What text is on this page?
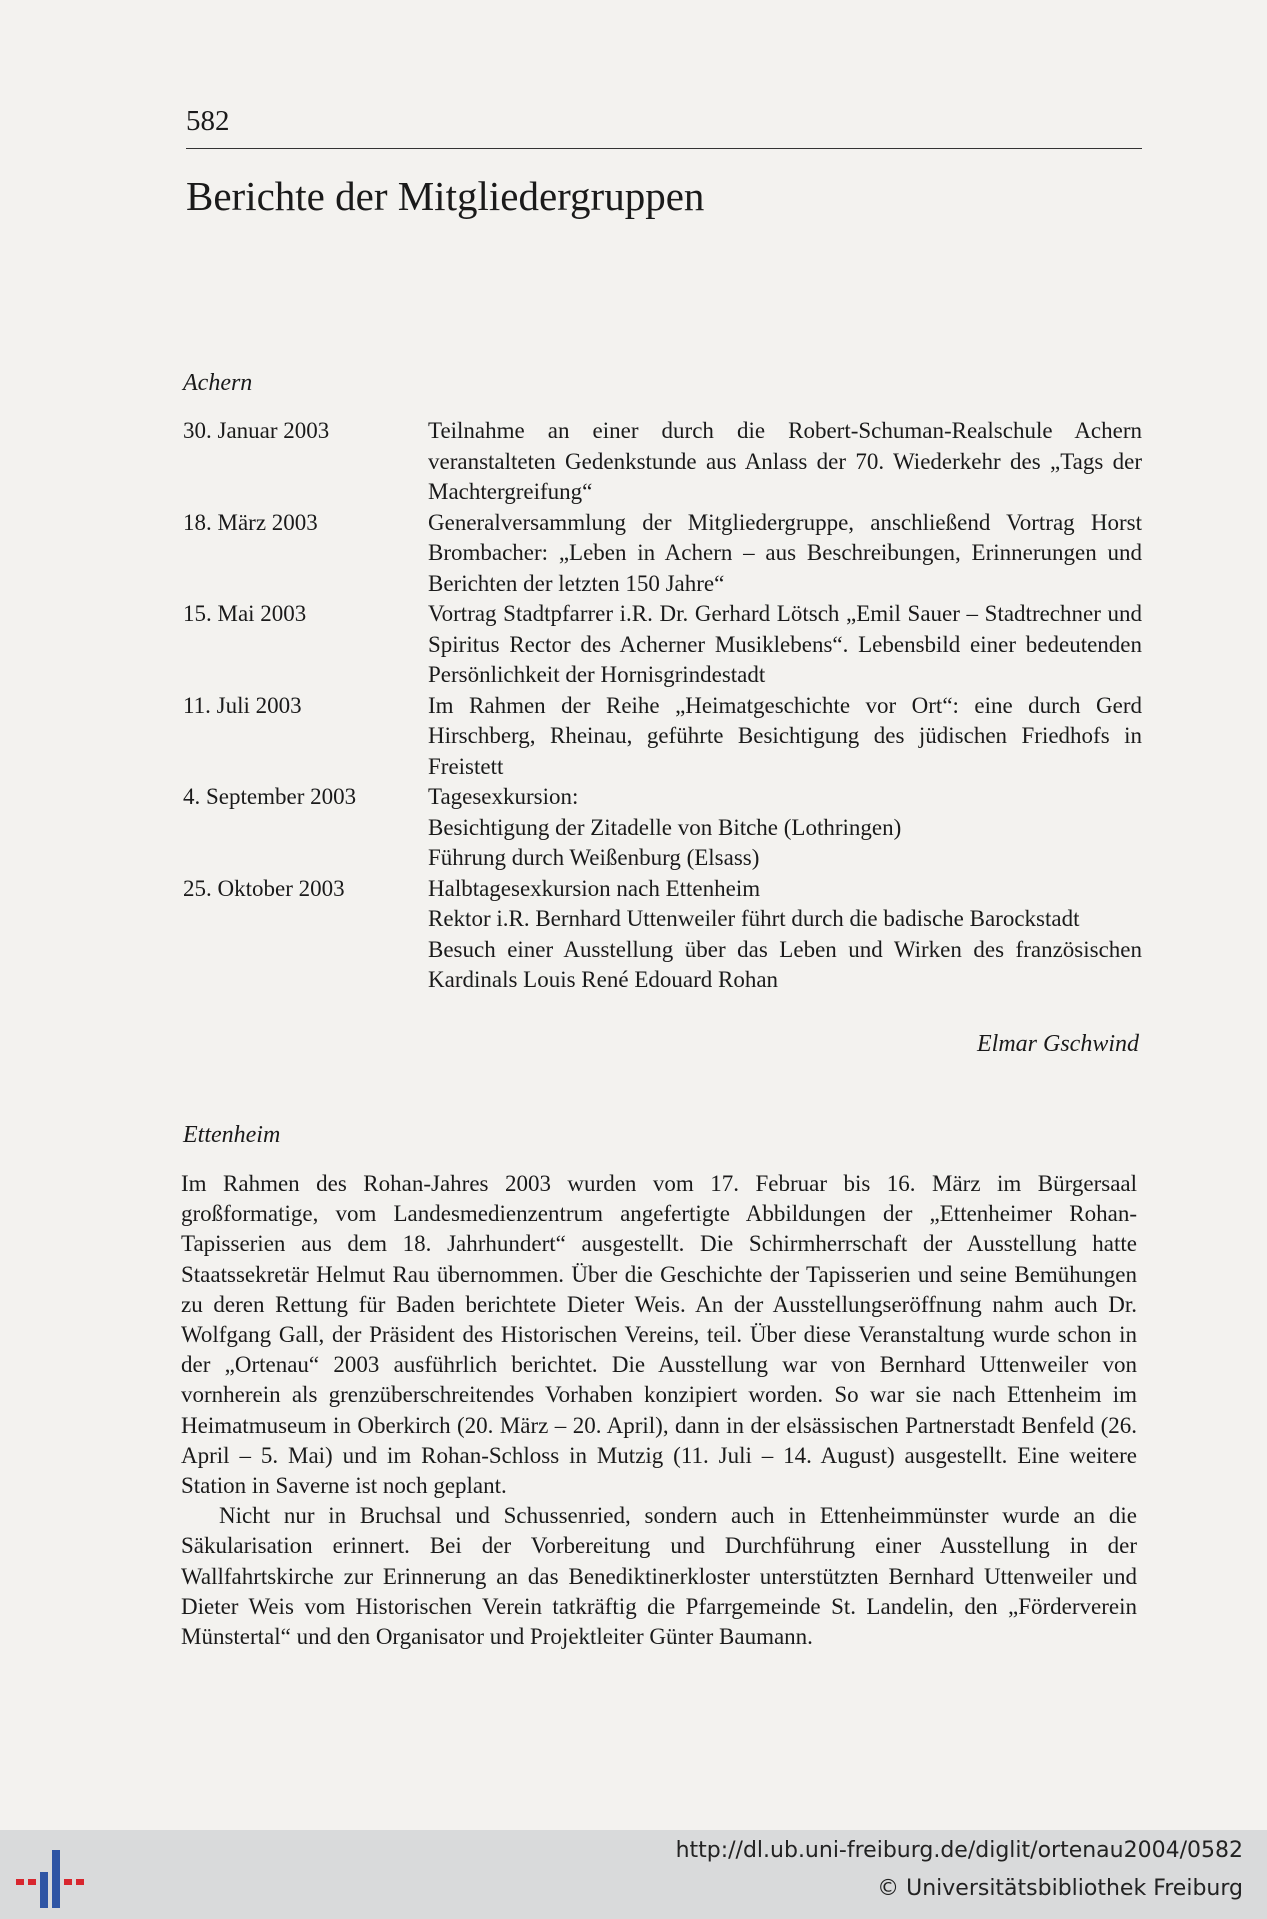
582
Berichte der Mitgliedergruppen
Achern
30. Januar 2003	Teilnahme an einer durch die Robert-Schuman-Realschule Achern veranstalteten Gedenkstunde aus Anlass der 70. Wiederkehr des „Tags der Machtergreifung“

18. März 2003	Generalversammlung der Mitgliedergruppe, anschließend Vortrag Horst Brombacher: „Leben in Achern – aus Beschreibungen, Erinnerungen und Berichten der letzten 150 Jahre“

15. Mai 2003	Vortrag Stadtpfarrer i.R. Dr. Gerhard Lötsch „Emil Sauer – Stadtrechner und Spiritus Rector des Acherner Musiklebens“. Lebensbild einer bedeutenden Persönlichkeit der Hornisgrindestadt

11. Juli 2003	Im Rahmen der Reihe „Heimatgeschichte vor Ort“: eine durch Gerd Hirschberg, Rheinau, geführte Besichtigung des jüdischen Friedhofs in Freistett

4. September 2003	Tagesexkursion:

Besichtigung der Zitadelle von Bitche (Lothringen)

Führung durch Weißenburg (Elsass)

25. Oktober 2003	Halbtagesexkursion nach Ettenheim

Rektor i.R. Bernhard Uttenweiler führt durch die badische Barockstadt

Besuch einer Ausstellung über das Leben und Wirken des französischen Kardinals Louis René Edouard Rohan

Elmar Gschwind
Ettenheim

Im Rahmen des Rohan-Jahres 2003 wurden vom 17. Februar bis 16. März im Bürgersaal großformatige, vom Landesmedienzentrum angefertigte Abbildungen der „Ettenheimer Rohan-Tapisserien aus dem 18. Jahrhundert“ ausgestellt. Die Schirmherrschaft der Ausstellung hatte Staatssekretär Helmut Rau übernommen. Über die Geschichte der Tapisserien und seine Bemühungen zu deren Rettung für Baden berichtete Dieter Weis. An der Ausstellungseröffnung nahm auch Dr. Wolfgang Gall, der Präsident des Historischen Vereins, teil. Über diese Veranstaltung wurde schon in der „Ortenau“ 2003 ausführlich berichtet. Die Ausstellung war von Bernhard Uttenweiler von vornherein als grenzüberschreitendes Vorhaben konzipiert worden. So war sie nach Ettenheim im Heimatmuseum in Oberkirch (20. März – 20. April), dann in der elsässischen Partnerstadt Benfeld (26. April – 5. Mai) und im Rohan-Schloss in Mutzig (11. Juli – 14. August) ausgestellt. Eine weitere Station in Saverne ist noch geplant.

Nicht nur in Bruchsal und Schussenried, sondern auch in Ettenheimmünster wurde an die Säkularisation erinnert. Bei der Vorbereitung und Durchführung einer Ausstellung in der Wallfahrtskirche zur Erinnerung an das Benediktinerkloster unterstützten Bernhard Uttenweiler und Dieter Weis vom Historischen Verein tatkräftig die Pfarrgemeinde St. Landelin, den „Förderverein Münstertal“ und den Organisator und Projektleiter Günter Baumann.

http://dl.ub.uni-freiburg.de/diglit/ortenau2004/0582
© Universitätsbibliothek Freiburg
